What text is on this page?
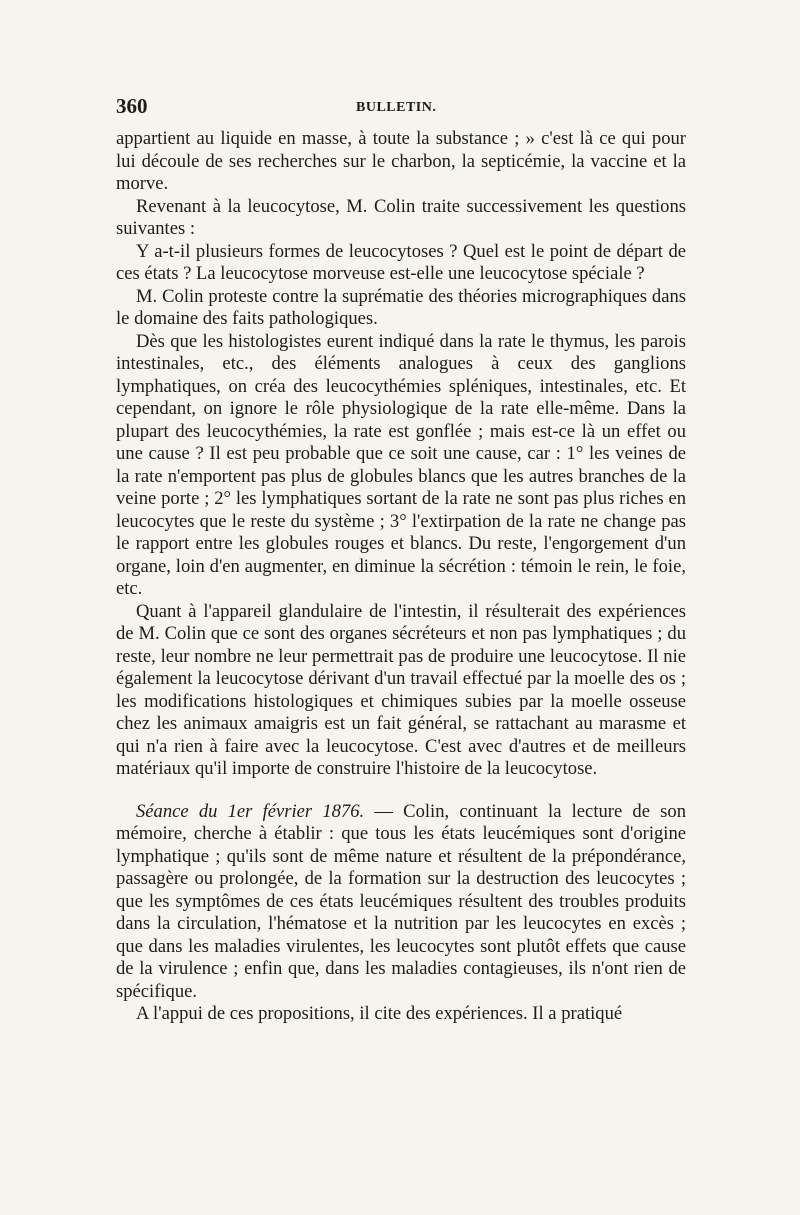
360	BULLETIN.

appartient au liquide en masse, à toute la substance ; » c'est là ce qui pour lui découle de ses recherches sur le charbon, la septicémie, la vaccine et la morve.

Revenant à la leucocytose, M. Colin traite successivement les questions suivantes :

Y a-t-il plusieurs formes de leucocytoses ? Quel est le point de départ de ces états ? La leucocytose morveuse est-elle une leucocytose spéciale ?

M. Colin proteste contre la suprématie des théories micrographiques dans le domaine des faits pathologiques.

Dès que les histologistes eurent indiqué dans la rate le thymus, les parois intestinales, etc., des éléments analogues à ceux des ganglions lymphatiques, on créa des leucocythémies spléniques, intestinales, etc. Et cependant, on ignore le rôle physiologique de la rate elle-même. Dans la plupart des leucocythémies, la rate est gonflée ; mais est-ce là un effet ou une cause ? Il est peu probable que ce soit une cause, car : 1° les veines de la rate n'emportent pas plus de globules blancs que les autres branches de la veine porte ; 2° les lymphatiques sortant de la rate ne sont pas plus riches en leucocytes que le reste du système ; 3° l'extirpation de la rate ne change pas le rapport entre les globules rouges et blancs. Du reste, l'engorgement d'un organe, loin d'en augmenter, en diminue la sécrétion : témoin le rein, le foie, etc.

Quant à l'appareil glandulaire de l'intestin, il résulterait des expériences de M. Colin que ce sont des organes sécréteurs et non pas lymphatiques ; du reste, leur nombre ne leur permettrait pas de produire une leucocytose. Il nie également la leucocytose dérivant d'un travail effectué par la moelle des os ; les modifications histologiques et chimiques subies par la moelle osseuse chez les animaux amaigris est un fait général, se rattachant au marasme et qui n'a rien à faire avec la leucocytose. C'est avec d'autres et de meilleurs matériaux qu'il importe de construire l'histoire de la leucocytose.

Séance du 1er février 1876. — Colin, continuant la lecture de son mémoire, cherche à établir : que tous les états leucémiques sont d'origine lymphatique ; qu'ils sont de même nature et résultent de la prépondérance, passagère ou prolongée, de la formation sur la destruction des leucocytes ; que les symptômes de ces états leucémiques résultent des troubles produits dans la circulation, l'hématose et la nutrition par les leucocytes en excès ; que dans les maladies virulentes, les leucocytes sont plutôt effets que cause de la virulence ; enfin que, dans les maladies contagieuses, ils n'ont rien de spécifique.

A l'appui de ces propositions, il cite des expériences. Il a pratiqué
